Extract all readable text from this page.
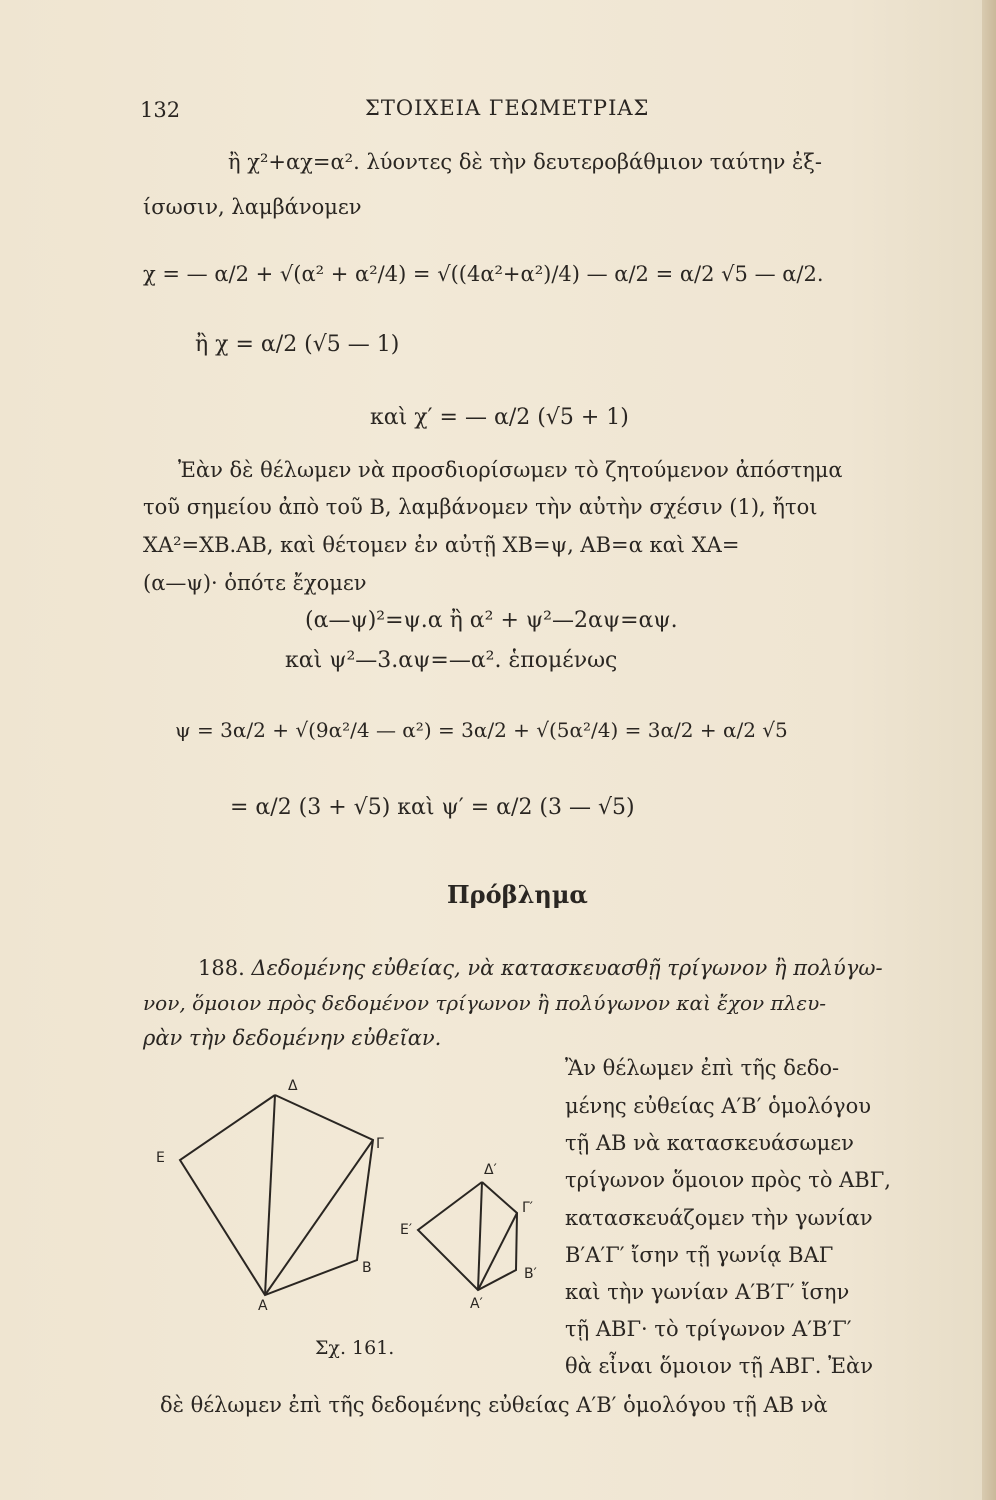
132	ΣΤΟΙΧΕΙΑ ΓΕΩΜΕΤΡΙΑΣ
ἢ χ²+αχ=α². λύοντες δὲ τὴν δευτεροβάθμιον ταύτην ἐξ-
ίσωσιν, λαμβάνομεν
χ = — α/2 + √(α² + α²/4) = √((4α²+α²)/4) — α/2 = α/2 √5 — α/2.
ἢ χ = α/2 (√5 — 1)
καὶ χ′ = — α/2 (√5 + 1)
Ἐὰν δὲ θέλωμεν νὰ προσδιορίσωμεν τὸ ζητούμενον ἀπόστημα
τοῦ σημείου ἀπὸ τοῦ Β, λαμβάνομεν τὴν αὐτὴν σχέσιν (1), ἤτοι
ΧΑ²=ΧΒ.ΑΒ, καὶ θέτομεν ἐν αὐτῇ ΧΒ=ψ, ΑΒ=α καὶ ΧΑ=
(α—ψ)· ὁπότε ἔχομεν
(α—ψ)²=ψ.α ἢ α² + ψ²—2αψ=αψ.
καὶ ψ²—3.αψ=—α². ἑπομένως
ψ = 3α/2 + √(9α²/4 — α²) = 3α/2 + √(5α²/4) = 3α/2 + α/2 √5
= α/2 (3 + √5) καὶ ψ′ = α/2 (3 — √5)
Πρόβλημα
188. Δεδομένης εὐθείας, νὰ κατασκευασθῇ τρίγωνον ἢ πολύγω-
νον, ὅμοιον πρὸς δεδομένον τρίγωνον ἢ πολύγωνον καὶ ἔχον πλευ-
ρὰν τὴν δεδομένην εὐθεῖαν.
Ἂν θέλωμεν ἐπὶ τῆς δεδο-
μένης εὐθείας Α′Β′ ὁμολόγου
τῇ ΑΒ νὰ κατασκευάσωμεν
τρίγωνον ὅμοιον πρὸς τὸ ΑΒΓ,
κατασκευάζομεν τὴν γωνίαν
Β′Α′Γ′ ἴσην τῇ γωνίᾳ ΒΑΓ
καὶ τὴν γωνίαν Α′Β′Γ′ ἴσην
τῇ ΑΒΓ· τὸ τρίγωνον Α′Β′Γ′
θὰ εἶναι ὅμοιον τῇ ΑΒΓ. Ἐὰν
δὲ θέλωμεν ἐπὶ τῆς δεδομένης εὐθείας Α′Β′ ὁμολόγου τῇ ΑΒ νὰ
Δ
Γ
Ε
Β
Α
Δ′
Γ′
Ε′
Β′
Α′
Σχ. 161.
